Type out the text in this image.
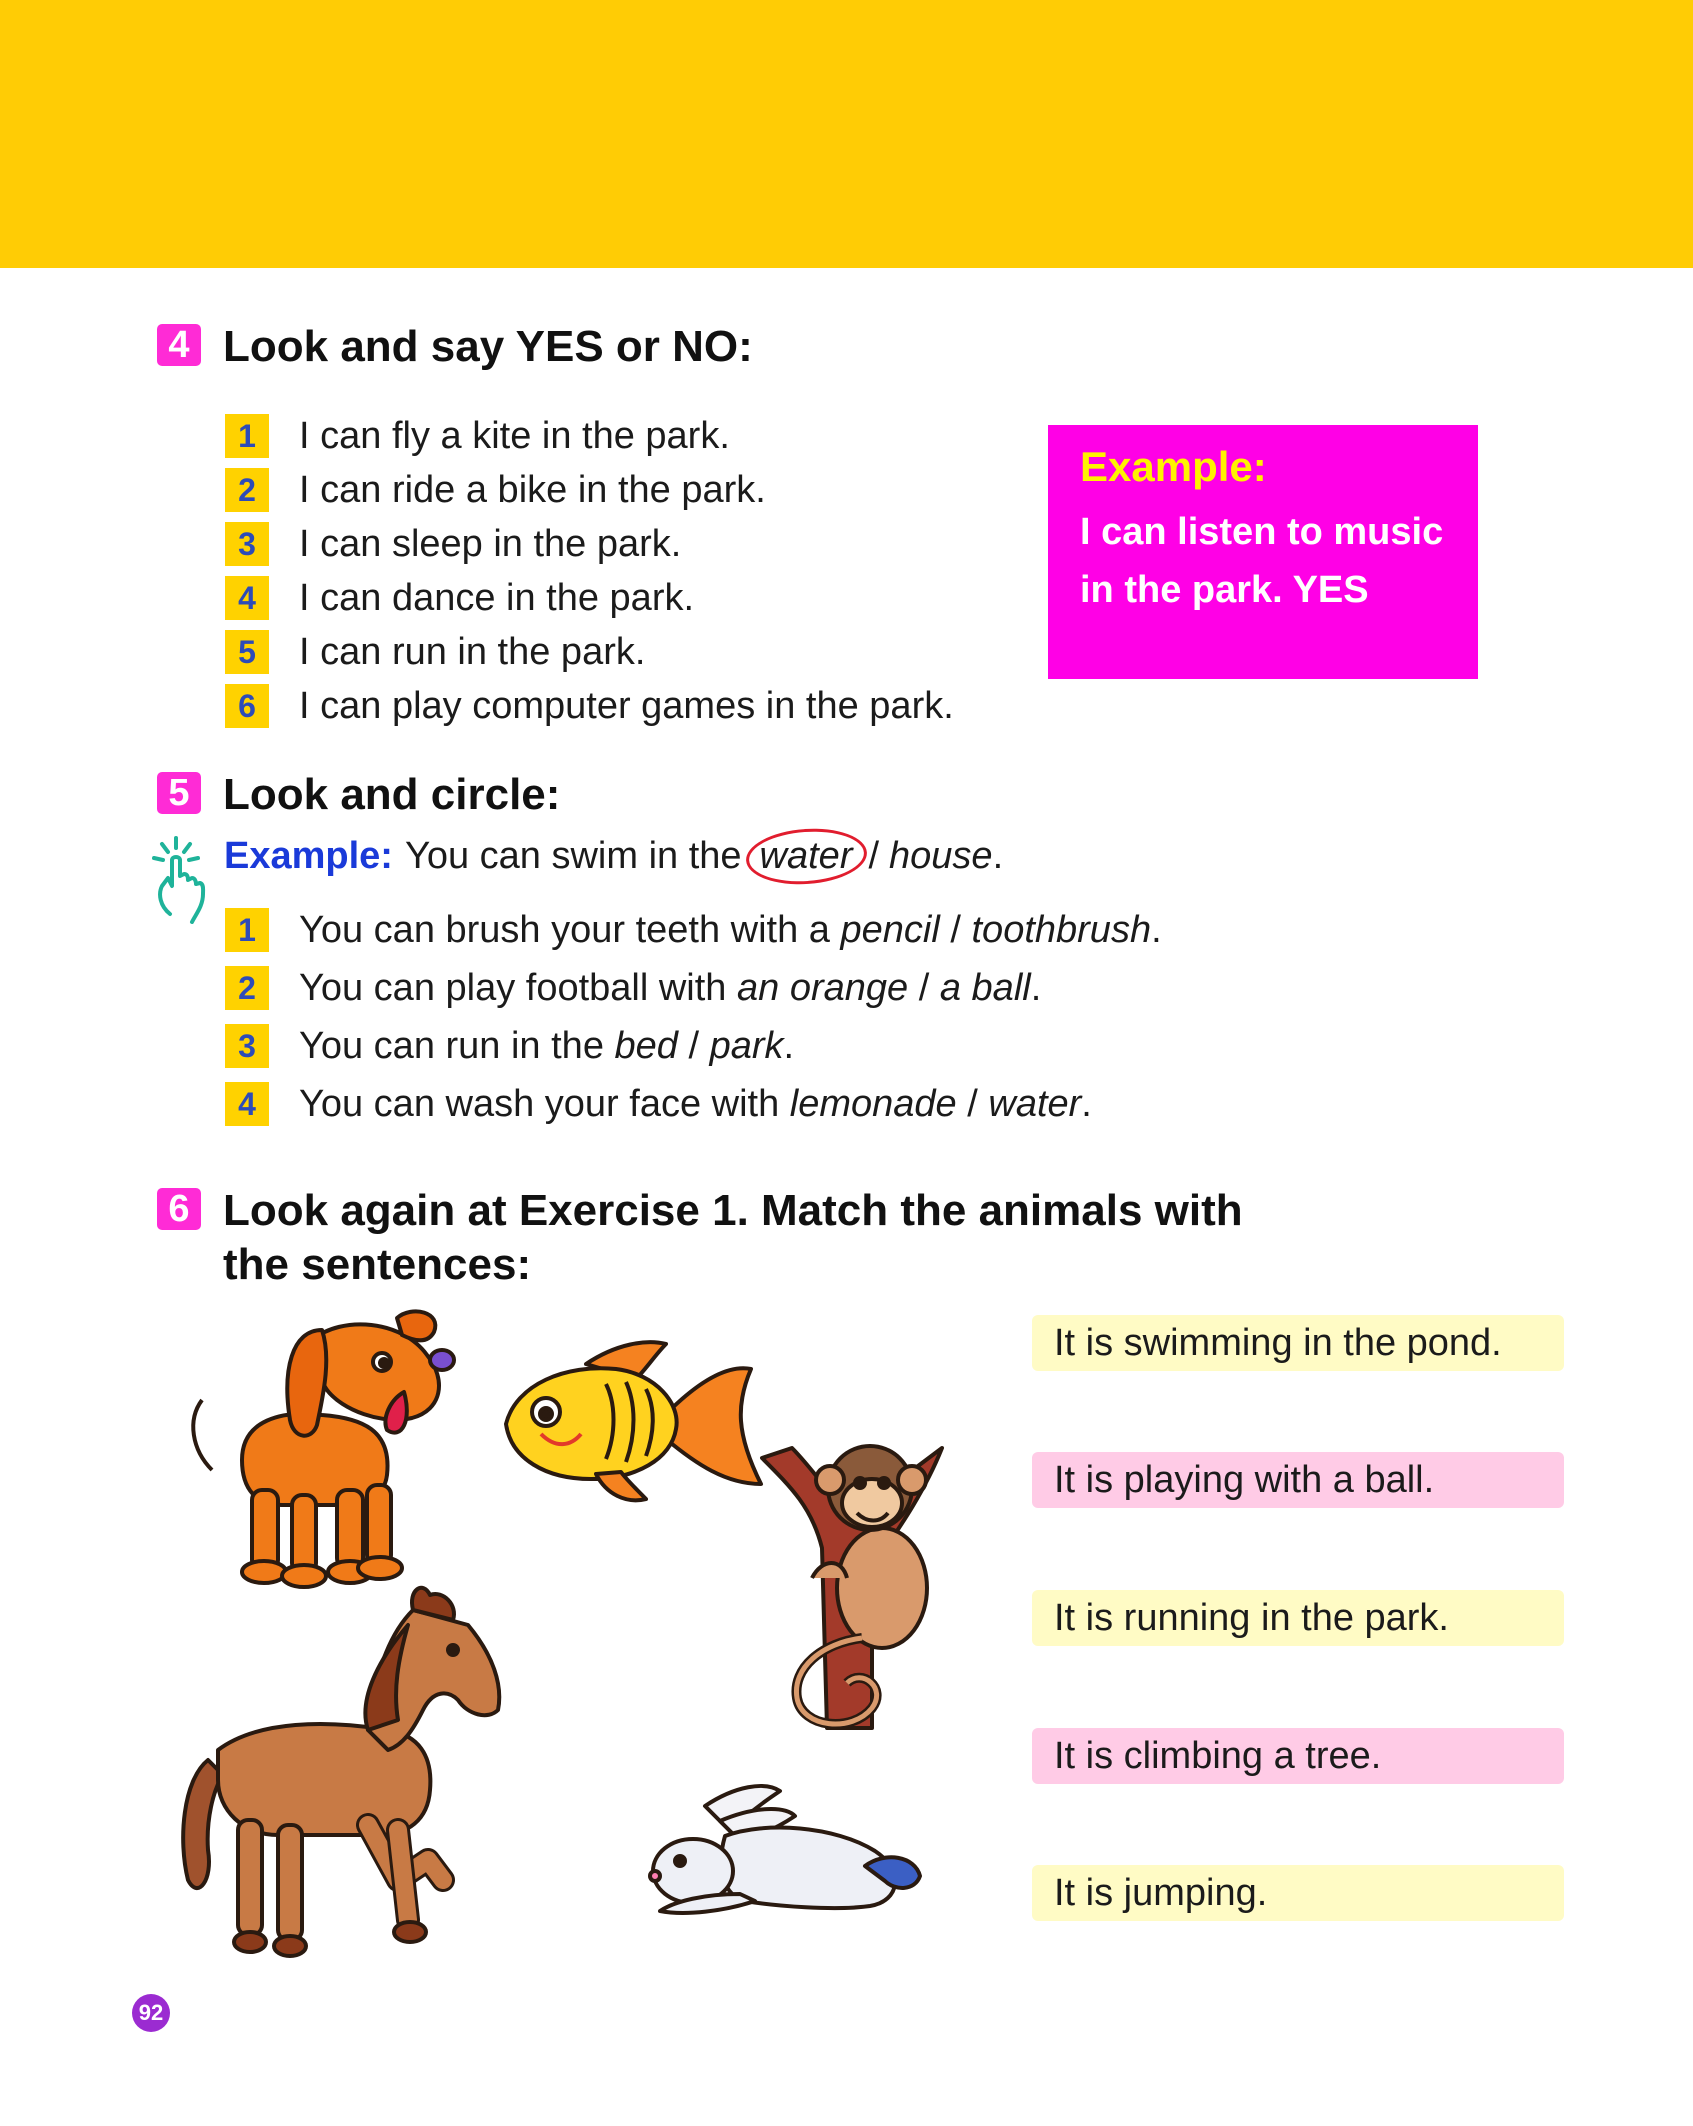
4 Look and say YES or NO:
1	I can fly a kite in the park.
2	I can ride a bike in the park.
3	I can sleep in the park.
4	I can dance in the park.
5	I can run in the park.
6	I can play computer games in the park.
Example:
I can listen to music
in the park. YES
5 Look and circle:
Example: You can swim in the water / house .
1	You can brush your teeth with a pencil / toothbrush.
2	You can play football with an orange / a ball.
3	You can run in the bed / park.
4	You can wash your face with lemonade / water.
6 Look again at Exercise 1. Match the animals with
the sentences:
It is swimming in the pond.
It is playing with a ball.
It is running in the park.
It is climbing a tree.
It is jumping.
92
